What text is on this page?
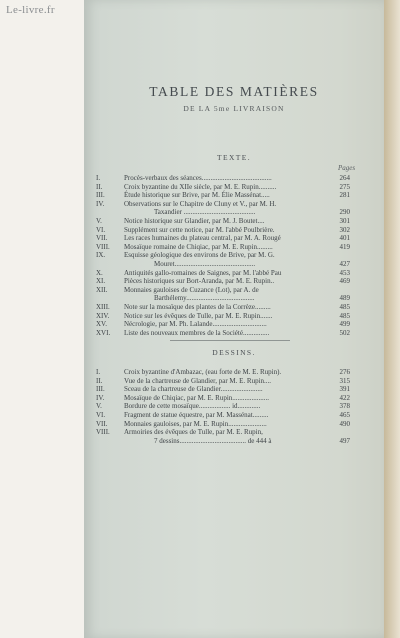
Le-livre.fr
TABLE DES MATIÈRES
DE LA 5me LIVRAISON
TEXTE.
Pages
I.	Procès-verbaux des séances........................................	264
II.	Croix byzantine du XIIe siècle, par M. E. Rupin..........	275
III.	Étude historique sur Brive, par M. Élie Massénat.....	281
IV.	Observations sur le Chapitre de Cluny et V., par M. H.
Taxandier .........................................	290
V.	Notice historique sur Glandier, par M. J. Boutet....	301
VI.	Supplément sur cette notice, par M. l'abbé Poulbrière.	302
VII.	Les races humaines du plateau central, par M. A. Rougé	401
VIII.	Mosaïque romaine de Chiqiac, par M. E. Rupin.........	419
IX.	Esquisse géologique des environs de Brive, par M. G.
Mouret..............................................	427
X.	Antiquités gallo-romaines de Saignes, par M. l'abbé Pau	453
XI.	Pièces historiques sur Bort-Aranda, par M. E. Rupin..	469
XII.	Monnaies gauloises de Cuzance (Lot), par A. de
Barthélemy.......................................	489
XIII.	Note sur la mosaïque des plantes de la Corrèze.........	485
XIV.	Notice sur les évêques de Tulle, par M. E. Rupin.......	485
XV.	Nécrologie, par M. Ph. Lalande...............................	499
XVI.	Liste des nouveaux membres de la Société...............	502
DESSINS.
I.	Croix byzantine d'Ambazac, (eau forte de M. E. Rupin).	276
II.	Vue de la chartreuse de Glandier, par M. E. Rupin....	315
III.	Sceau de la chartreuse de Glandier........................	391
IV.	Mosaïque de Chiqiac, par M. E. Rupin.....................	422
V.	Bordure de cette mosaïque.................. id.............	378
VI.	Fragment de statue équestre, par M. Massénat.........	465
VII.	Monnaies gauloises, par M. E. Rupin......................	490
VIII.	Armoiries des évêques de Tulle, par M. E. Rupin,
7 dessins...................................... de 444 à	497
